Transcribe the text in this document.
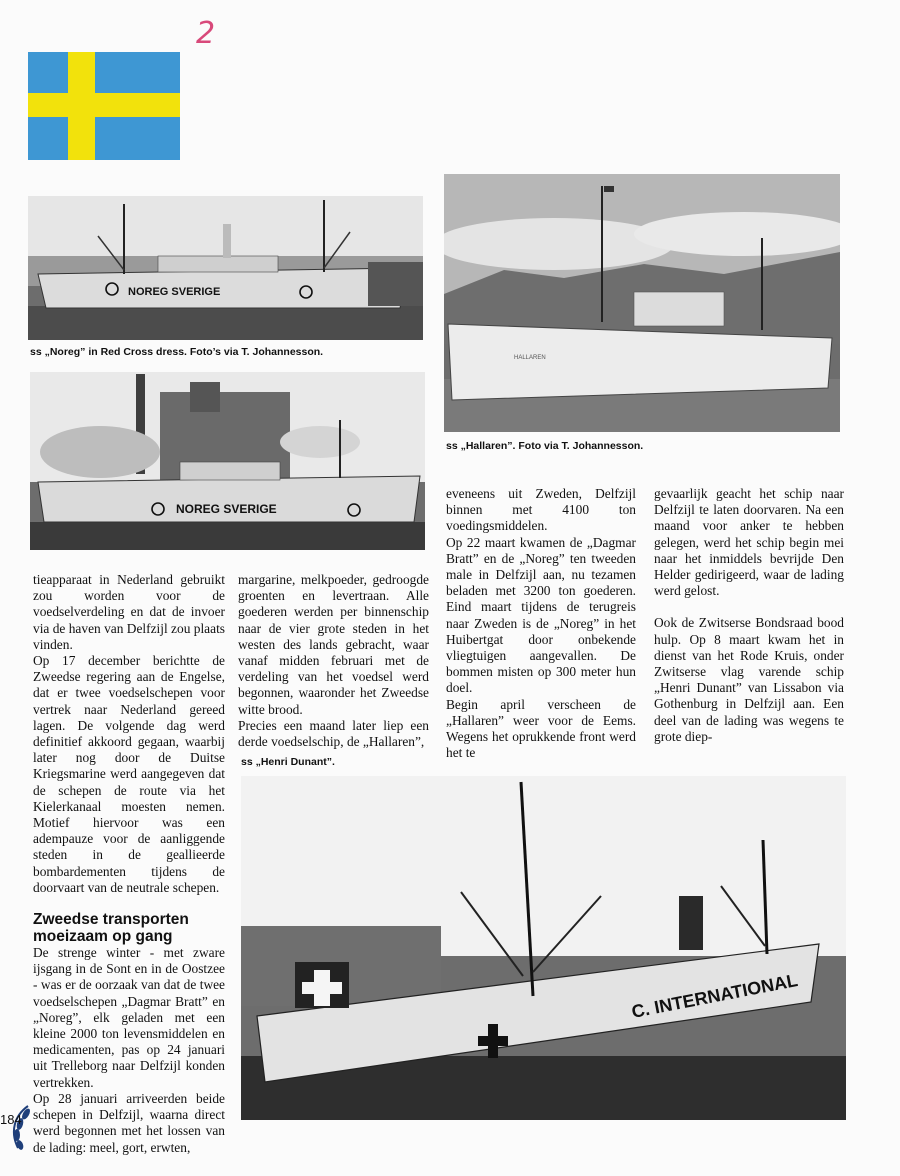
2
NOREG SVERIGE
ss „Noreg” in Red Cross dress. Foto’s via T. Johannesson.
NOREG SVERIGE
HALLAREN
ss „Hallaren”. Foto via T. Johannesson.
C. INTERNATIONAL
ss „Henri Dunant”.

tieapparaat in Nederland gebruikt zou worden voor de voedselverdeling en dat de invoer via de haven van Delfzijl zou plaats vinden.

Op 17 december berichtte de Zweedse regering aan de Engelse, dat er twee voedselschepen voor vertrek naar Nederland gereed lagen. De volgende dag werd definitief akkoord gegaan, waarbij later nog door de Duitse Kriegsmarine werd aangegeven dat de schepen de route via het Kielerkanaal moesten nemen. Motief hiervoor was een adempauze voor de aanliggende steden in de geallieerde bombardementen tijdens de doorvaart van de neutrale schepen.

Zweedse transporten moeizaam op gang

De strenge winter - met zware ijsgang in de Sont en in de Oostzee - was er de oorzaak van dat de twee voedselschepen „Dagmar Bratt” en „Noreg”, elk geladen met een kleine 2000 ton levensmiddelen en medicamenten, pas op 24 januari uit Trelleborg naar Delfzijl konden vertrekken.

Op 28 januari arriveerden beide schepen in Delfzijl, waarna direct werd begonnen met het lossen van de lading: meel, gort, erwten,

margarine, melkpoeder, gedroogde groenten en levertraan. Alle goederen werden per binnenschip naar de vier grote steden in het westen des lands gebracht, waar vanaf midden februari met de verdeling van het voedsel werd begonnen, waaronder het Zweedse witte brood.

Precies een maand later liep een derde voedselschip, de „Hallaren”,

eveneens uit Zweden, Delfzijl binnen met 4100 ton voedingsmiddelen.

Op 22 maart kwamen de „Dagmar Bratt” en de „Noreg” ten tweeden male in Delfzijl aan, nu tezamen beladen met 3200 ton goederen. Eind maart tijdens de terugreis naar Zweden is de „Noreg” in het Huibertgat door onbekende vliegtuigen aangevallen. De bommen misten op 300 meter hun doel.

Begin april verscheen de „Hallaren” weer voor de Eems. Wegens het oprukkende front werd het te

gevaarlijk geacht het schip naar Delfzijl te laten doorvaren. Na een maand voor anker te hebben gelegen, werd het schip begin mei naar het inmiddels bevrijde Den Helder gedirigeerd, waar de lading werd gelost.

Ook de Zwitserse Bondsraad bood hulp. Op 8 maart kwam het in dienst van het Rode Kruis, onder Zwitserse vlag varende schip „Henri Dunant” van Lissabon via Gothenburg in Delfzijl aan. Een deel van de lading was wegens te grote diep-

184
